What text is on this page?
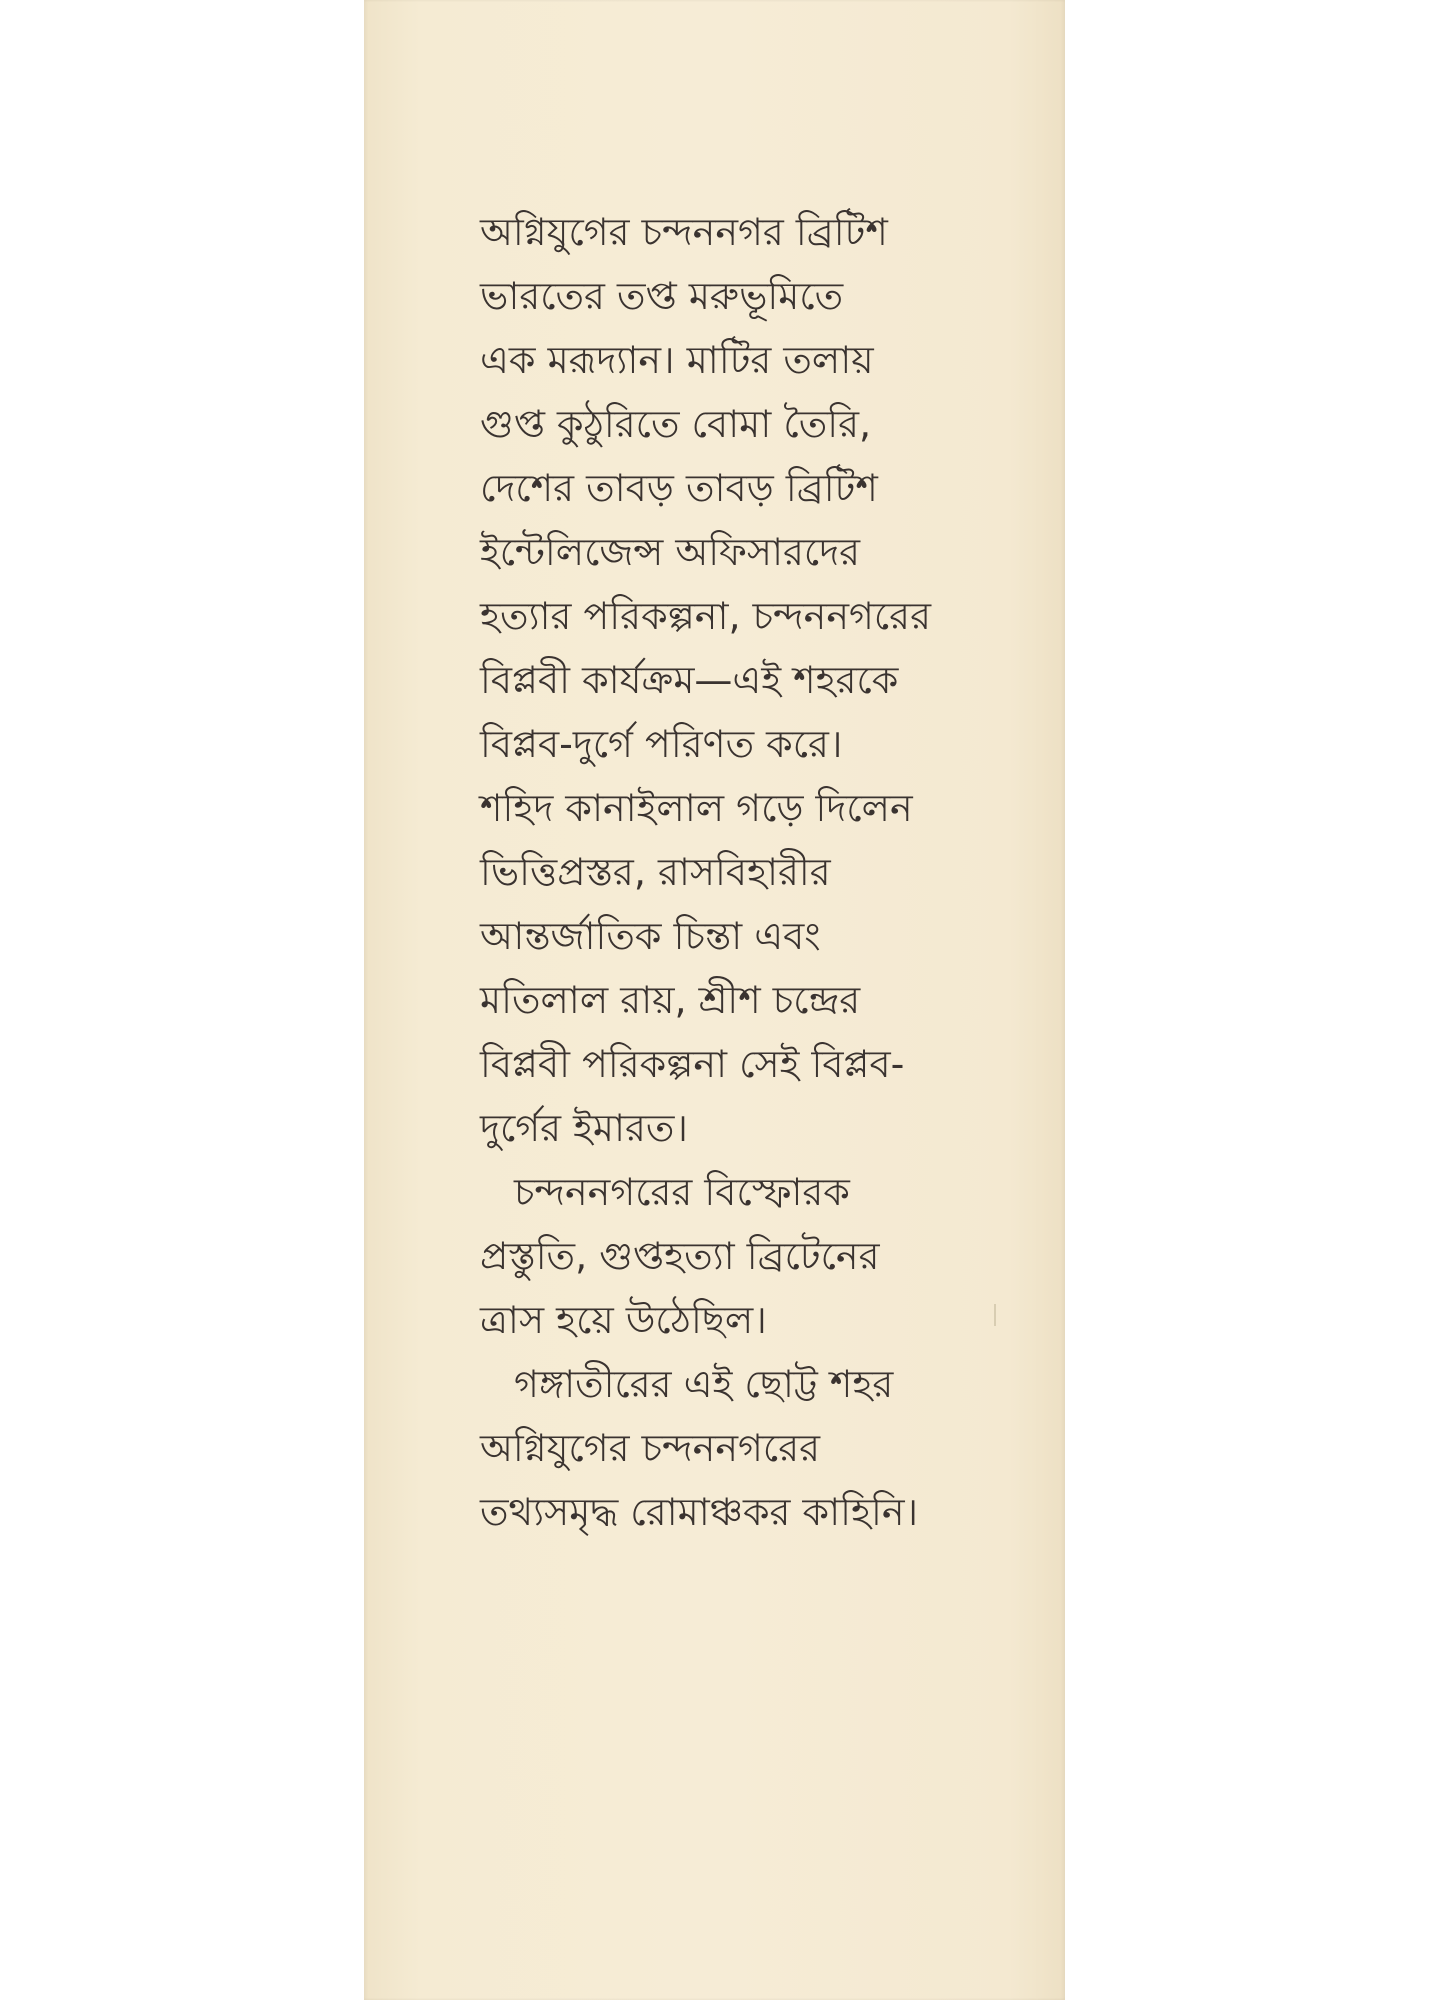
অগ্নিযুগের চন্দননগর ব্রিটিশ
ভারতের তপ্ত মরুভূমিতে
এক মরূদ্যান। মাটির তলায়
গুপ্ত কুঠুরিতে বোমা তৈরি,
দেশের তাবড় তাবড় ব্রিটিশ
ইন্টেলিজেন্স অফিসারদের
হত্যার পরিকল্পনা, চন্দননগরের
বিপ্লবী কার্যক্রম—এই শহরকে
বিপ্লব-দুর্গে পরিণত করে।
শহিদ কানাইলাল গড়ে দিলেন
ভিত্তিপ্রস্তর, রাসবিহারীর
আন্তর্জাতিক চিন্তা এবং
মতিলাল রায়, শ্রীশ চন্দ্রের
বিপ্লবী পরিকল্পনা সেই বিপ্লব-
দুর্গের ইমারত।
চন্দননগরের বিস্ফোরক
প্রস্তুতি, গুপ্তহত্যা ব্রিটেনের
ত্রাস হয়ে উঠেছিল।
গঙ্গাতীরের এই ছোট্ট শহর
অগ্নিযুগের চন্দননগরের
তথ্যসমৃদ্ধ রোমাঞ্চকর কাহিনি।
